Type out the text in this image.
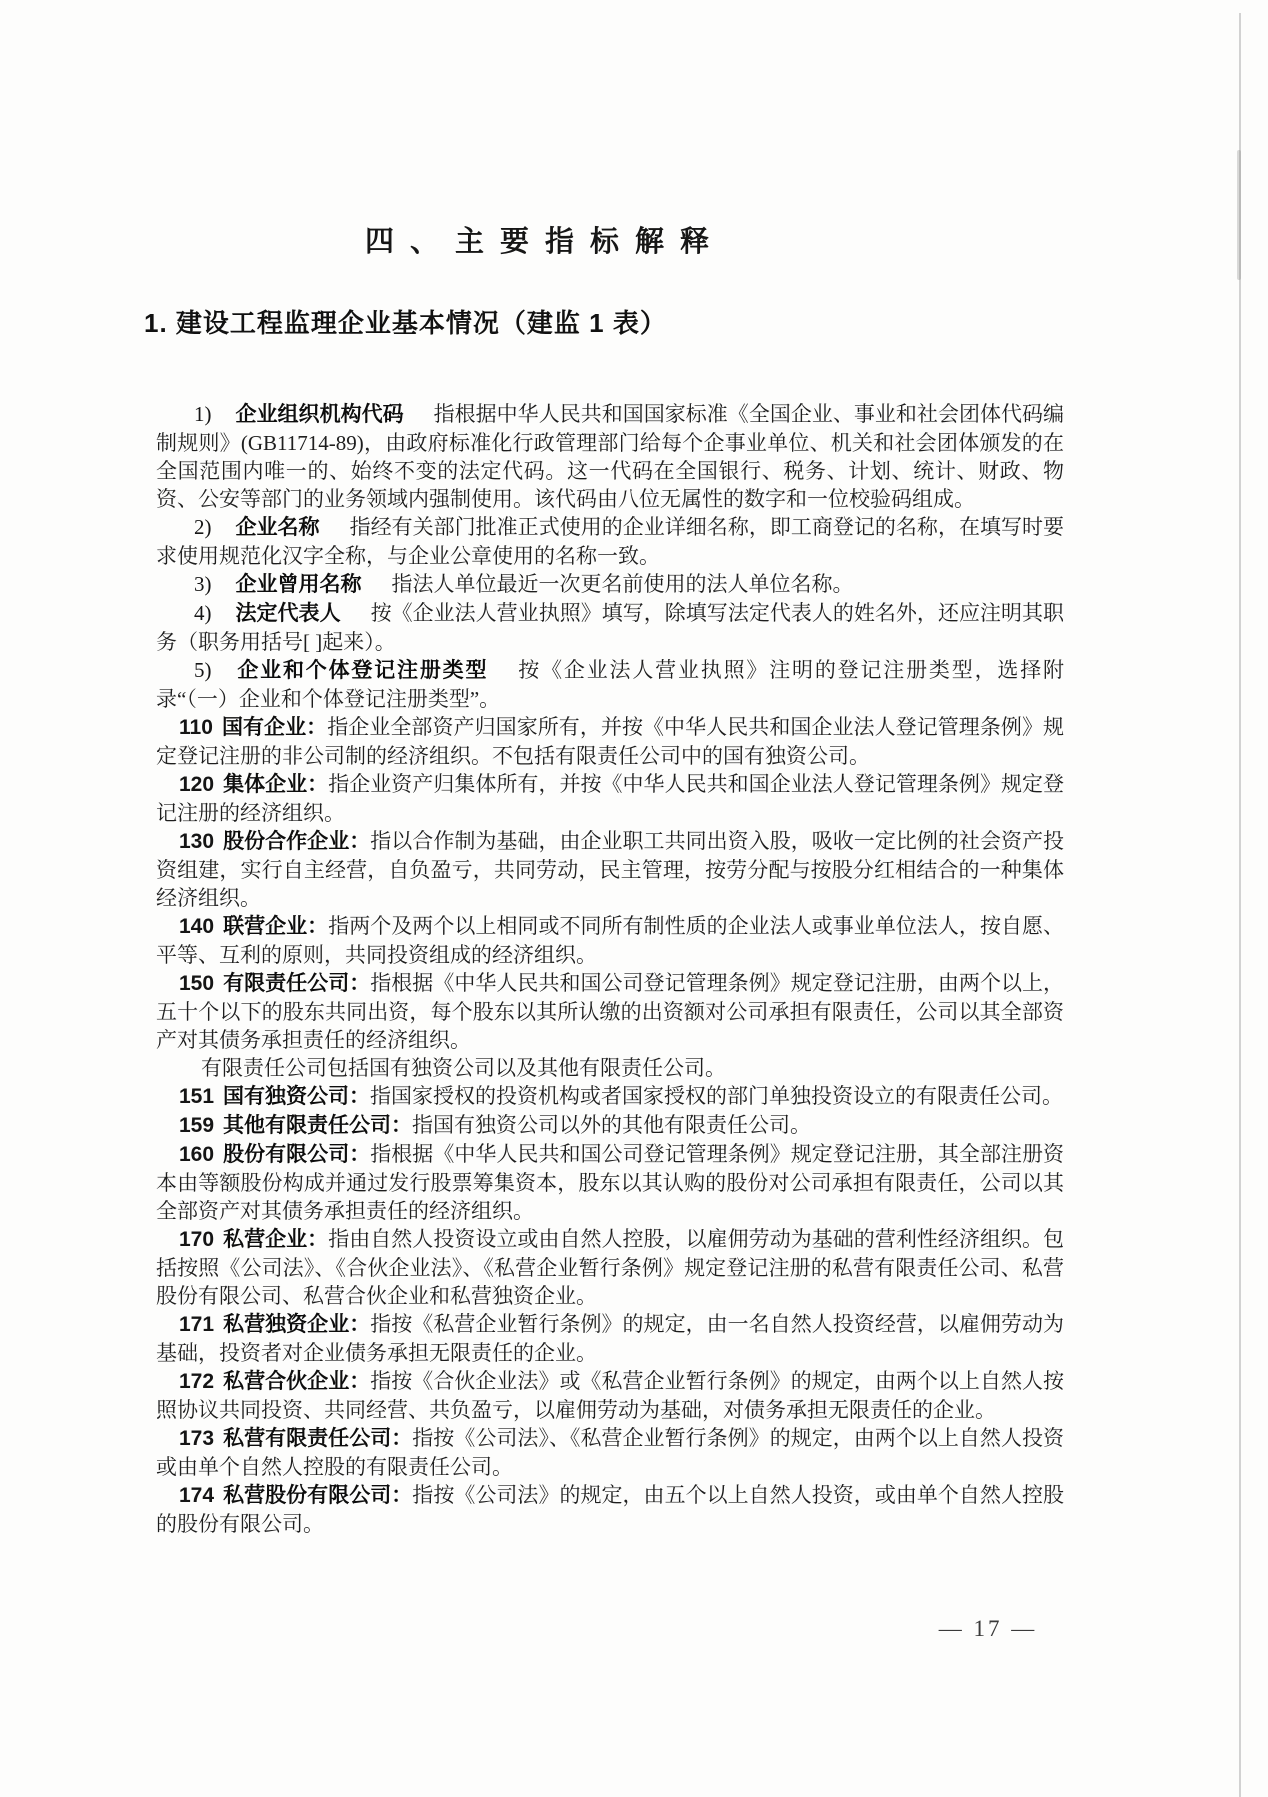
四、主要指标解释
1. 建设工程监理企业基本情况（建监 1 表）

1) 企业组织机构代码 指根据中华人民共和国国家标准《全国企业、事业和社会团体代码编制规则》(GB11714-89)，由政府标准化行政管理部门给每个企事业单位、机关和社会团体颁发的在全国范围内唯一的、始终不变的法定代码。这一代码在全国银行、税务、计划、统计、财政、物资、公安等部门的业务领域内强制使用。该代码由八位无属性的数字和一位校验码组成。

2) 企业名称 指经有关部门批准正式使用的企业详细名称，即工商登记的名称，在填写时要求使用规范化汉字全称，与企业公章使用的名称一致。

3) 企业曾用名称 指法人单位最近一次更名前使用的法人单位名称。

4) 法定代表人 按《企业法人营业执照》填写，除填写法定代表人的姓名外，还应注明其职务（职务用括号[ ]起来）。

5) 企业和个体登记注册类型 按《企业法人营业执照》注明的登记注册类型，选择附录“（一）企业和个体登记注册类型”。

110 国有企业：指企业全部资产归国家所有，并按《中华人民共和国企业法人登记管理条例》规定登记注册的非公司制的经济组织。不包括有限责任公司中的国有独资公司。

120 集体企业：指企业资产归集体所有，并按《中华人民共和国企业法人登记管理条例》规定登记注册的经济组织。

130 股份合作企业：指以合作制为基础，由企业职工共同出资入股，吸收一定比例的社会资产投资组建，实行自主经营，自负盈亏，共同劳动，民主管理，按劳分配与按股分红相结合的一种集体经济组织。

140 联营企业：指两个及两个以上相同或不同所有制性质的企业法人或事业单位法人，按自愿、平等、互利的原则，共同投资组成的经济组织。

150 有限责任公司：指根据《中华人民共和国公司登记管理条例》规定登记注册，由两个以上，五十个以下的股东共同出资，每个股东以其所认缴的出资额对公司承担有限责任，公司以其全部资产对其债务承担责任的经济组织。

有限责任公司包括国有独资公司以及其他有限责任公司。

151 国有独资公司：指国家授权的投资机构或者国家授权的部门单独投资设立的有限责任公司。

159 其他有限责任公司：指国有独资公司以外的其他有限责任公司。

160 股份有限公司：指根据《中华人民共和国公司登记管理条例》规定登记注册，其全部注册资本由等额股份构成并通过发行股票筹集资本，股东以其认购的股份对公司承担有限责任，公司以其全部资产对其债务承担责任的经济组织。

170 私营企业：指由自然人投资设立或由自然人控股，以雇佣劳动为基础的营利性经济组织。包括按照《公司法》、《合伙企业法》、《私营企业暂行条例》规定登记注册的私营有限责任公司、私营股份有限公司、私营合伙企业和私营独资企业。

171 私营独资企业：指按《私营企业暂行条例》的规定，由一名自然人投资经营，以雇佣劳动为基础，投资者对企业债务承担无限责任的企业。

172 私营合伙企业：指按《合伙企业法》或《私营企业暂行条例》的规定，由两个以上自然人按照协议共同投资、共同经营、共负盈亏，以雇佣劳动为基础，对债务承担无限责任的企业。

173 私营有限责任公司：指按《公司法》、《私营企业暂行条例》的规定，由两个以上自然人投资或由单个自然人控股的有限责任公司。

174 私营股份有限公司：指按《公司法》的规定，由五个以上自然人投资，或由单个自然人控股的股份有限公司。

— 17 —
